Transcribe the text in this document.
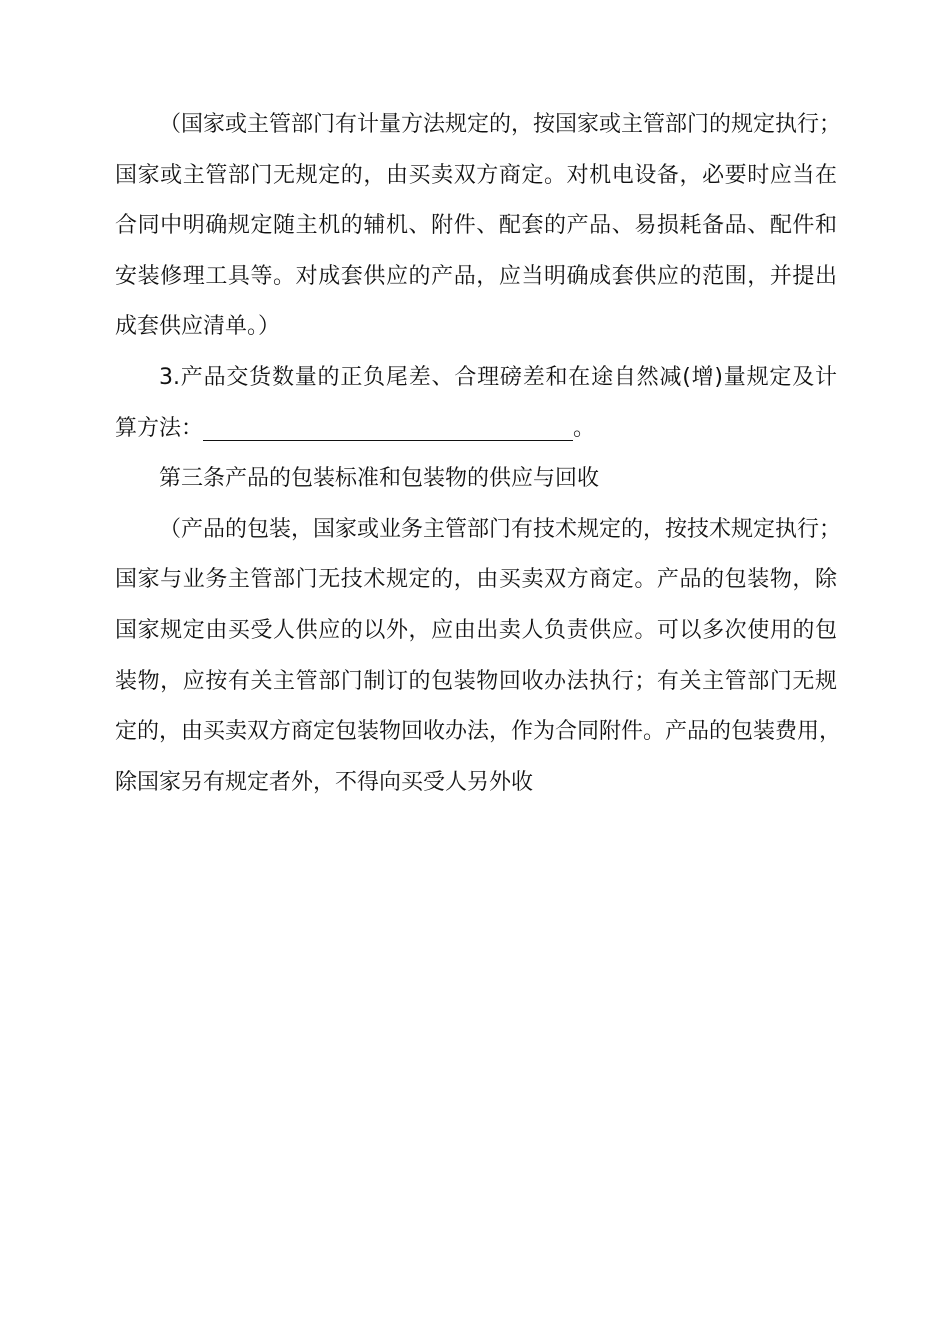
（国家或主管部门有计量方法规定的，按国家或主管部门的规定执行；
国家或主管部门无规定的，由买卖双方商定。对机电设备，必要时应当在
合同中明确规定随主机的辅机、附件、配套的产品、易损耗备品、配件和
安装修理工具等。对成套供应的产品，应当明确成套供应的范围，并提出
成套供应清单。）
3.产品交货数量的正负尾差、合理磅差和在途自然减(增)量规定及计
算方法：	。
第三条产品的包装标准和包装物的供应与回收
（产品的包装，国家或业务主管部门有技术规定的，按技术规定执行；
国家与业务主管部门无技术规定的，由买卖双方商定。产品的包装物，除
国家规定由买受人供应的以外，应由出卖人负责供应。可以多次使用的包
装物，应按有关主管部门制订的包装物回收办法执行；有关主管部门无规
定的，由买卖双方商定包装物回收办法，作为合同附件。产品的包装费用，
除国家另有规定者外，不得向买受人另外收
